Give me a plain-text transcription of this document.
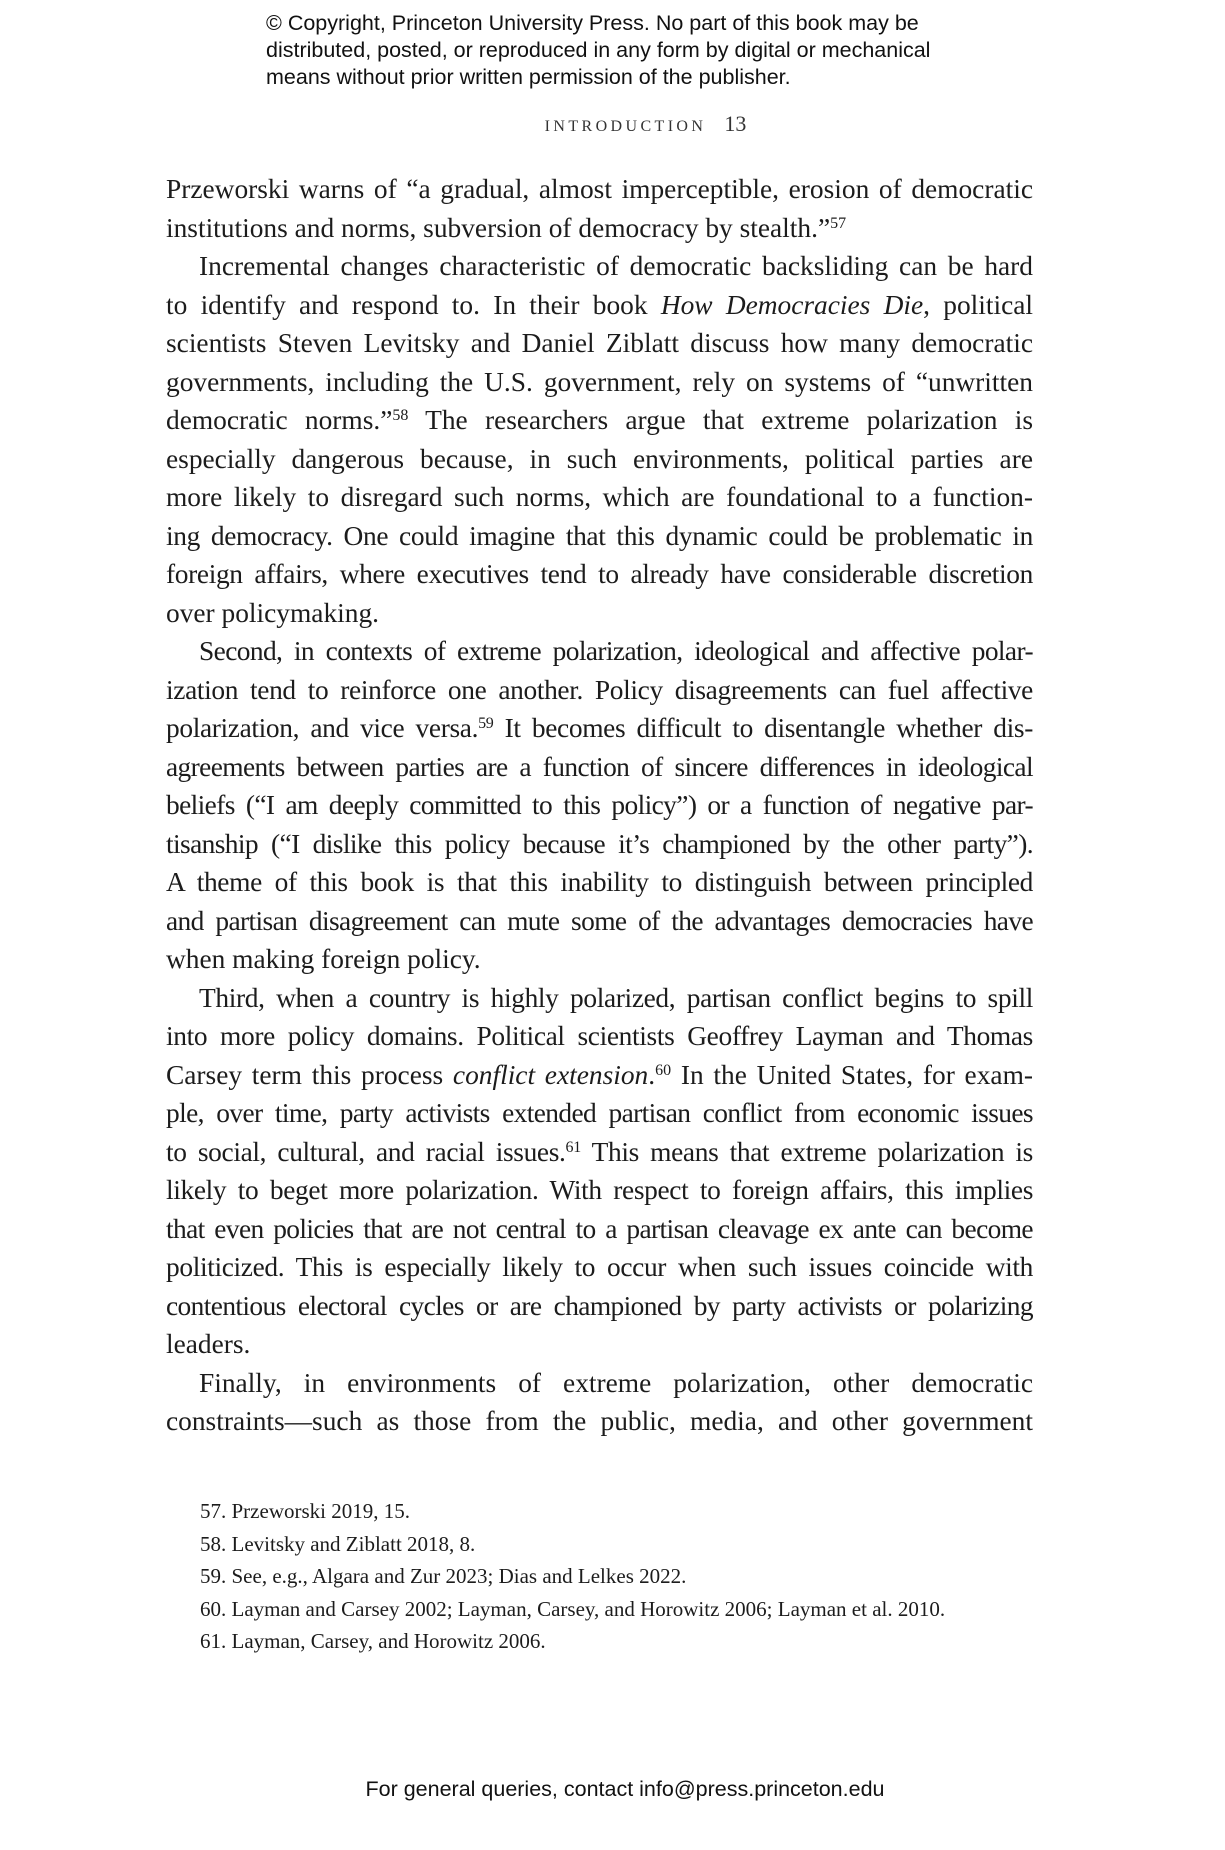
© Copyright, Princeton University Press. No part of this book may be
distributed, posted, or reproduced in any form by digital or mechanical
means without prior written permission of the publisher.
INTRODUCTION 13
Przeworski warns of “a gradual, almost imperceptible, erosion of democratic
institutions and norms, subversion of democracy by stealth.”$^{57}$
Incremental changes characteristic of democratic backsliding can be hard
to identify and respond to. In their book How Democracies Die, political
scientists Steven Levitsky and Daniel Ziblatt discuss how many democratic
governments, including the U.S. government, rely on systems of “unwritten
democratic norms.”$^{58}$ The researchers argue that extreme polarization is
especially dangerous because, in such environments, political parties are
more likely to disregard such norms, which are foundational to a function-
ing democracy. One could imagine that this dynamic could be problematic in
foreign affairs, where executives tend to already have considerable discretion
over policymaking.
Second, in contexts of extreme polarization, ideological and affective polar-
ization tend to reinforce one another. Policy disagreements can fuel affective
polarization, and vice versa.$^{59}$ It becomes difficult to disentangle whether dis-
agreements between parties are a function of sincere differences in ideological
beliefs (“I am deeply committed to this policy”) or a function of negative par-
tisanship (“I dislike this policy because it’s championed by the other party”).
A theme of this book is that this inability to distinguish between principled
and partisan disagreement can mute some of the advantages democracies have
when making foreign policy.
Third, when a country is highly polarized, partisan conflict begins to spill
into more policy domains. Political scientists Geoffrey Layman and Thomas
Carsey term this process conflict extension.$^{60}$ In the United States, for exam-
ple, over time, party activists extended partisan conflict from economic issues
to social, cultural, and racial issues.$^{61}$ This means that extreme polarization is
likely to beget more polarization. With respect to foreign affairs, this implies
that even policies that are not central to a partisan cleavage ex ante can become
politicized. This is especially likely to occur when such issues coincide with
contentious electoral cycles or are championed by party activists or polarizing
leaders.
Finally, in environments of extreme polarization, other democratic
constraints—such as those from the public, media, and other government
57. Przeworski 2019, 15.
58. Levitsky and Ziblatt 2018, 8.
59. See, e.g., Algara and Zur 2023; Dias and Lelkes 2022.
60. Layman and Carsey 2002; Layman, Carsey, and Horowitz 2006; Layman et al. 2010.
61. Layman, Carsey, and Horowitz 2006.
For general queries, contact info@press.princeton.edu
